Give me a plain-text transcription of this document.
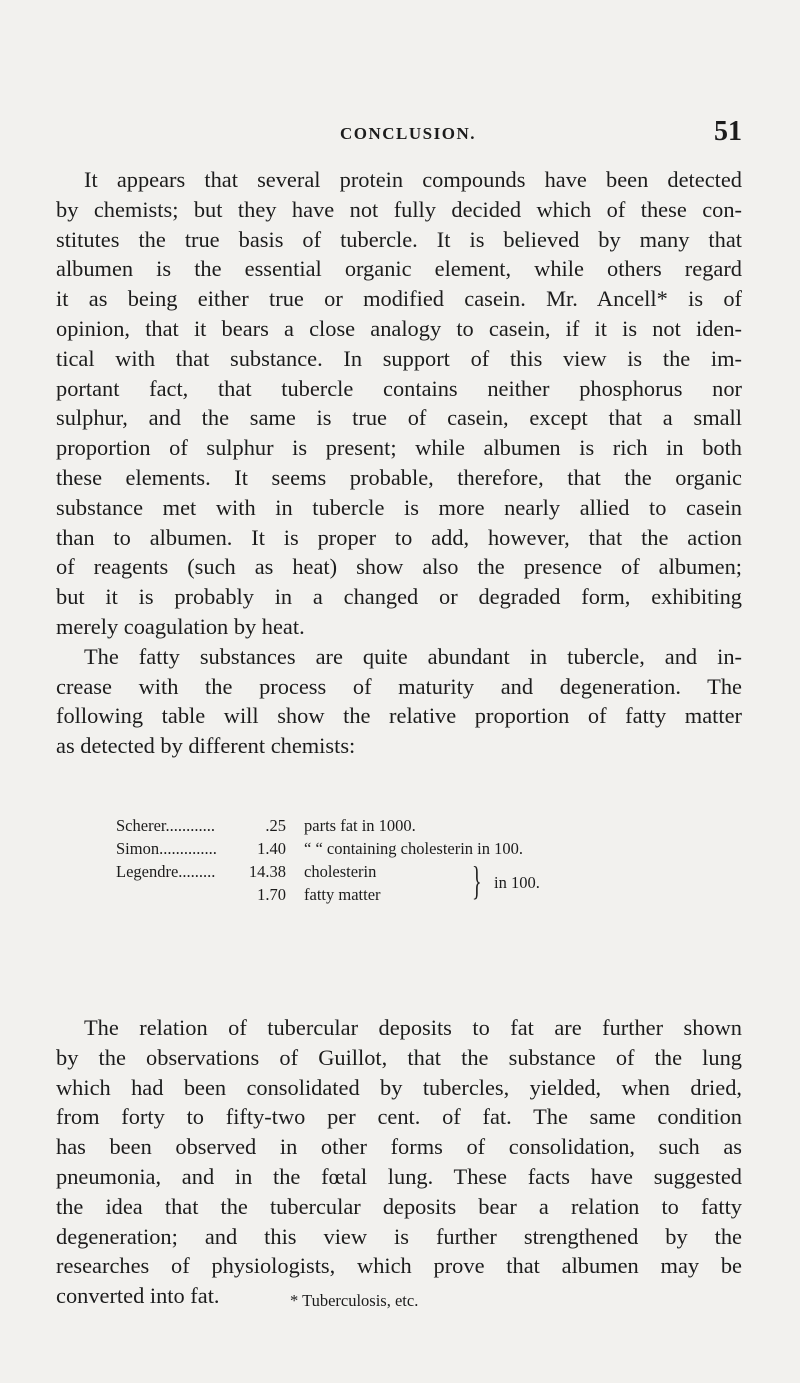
CONCLUSION.	51
It appears that several protein compounds have been detected
by chemists; but they have not fully decided which of these con-
stitutes the true basis of tubercle. It is believed by many that
albumen is the essential organic element, while others regard
it as being either true or modified casein. Mr. Ancell* is of
opinion, that it bears a close analogy to casein, if it is not iden-
tical with that substance. In support of this view is the im-
portant fact, that tubercle contains neither phosphorus nor
sulphur, and the same is true of casein, except that a small
proportion of sulphur is present; while albumen is rich in both
these elements. It seems probable, therefore, that the organic
substance met with in tubercle is more nearly allied to casein
than to albumen. It is proper to add, however, that the action
of reagents (such as heat) show also the presence of albumen;
but it is probably in a changed or degraded form, exhibiting
merely coagulation by heat.
The fatty substances are quite abundant in tubercle, and in-
crease with the process of maturity and degeneration. The
following table will show the relative proportion of fatty matter
as detected by different chemists:
Scherer............	.25 parts fat in 1000.
Simon..............	1.40 “ “ containing cholesterin in 100.
Legendre.........	14.38 cholesterin
1.70 fatty matter } in 100.
The relation of tubercular deposits to fat are further shown
by the observations of Guillot, that the substance of the lung
which had been consolidated by tubercles, yielded, when dried,
from forty to fifty-two per cent. of fat. The same condition
has been observed in other forms of consolidation, such as
pneumonia, and in the fœtal lung. These facts have suggested
the idea that the tubercular deposits bear a relation to fatty
degeneration; and this view is further strengthened by the
researches of physiologists, which prove that albumen may be
converted into fat.	* Tuberculosis, etc.
